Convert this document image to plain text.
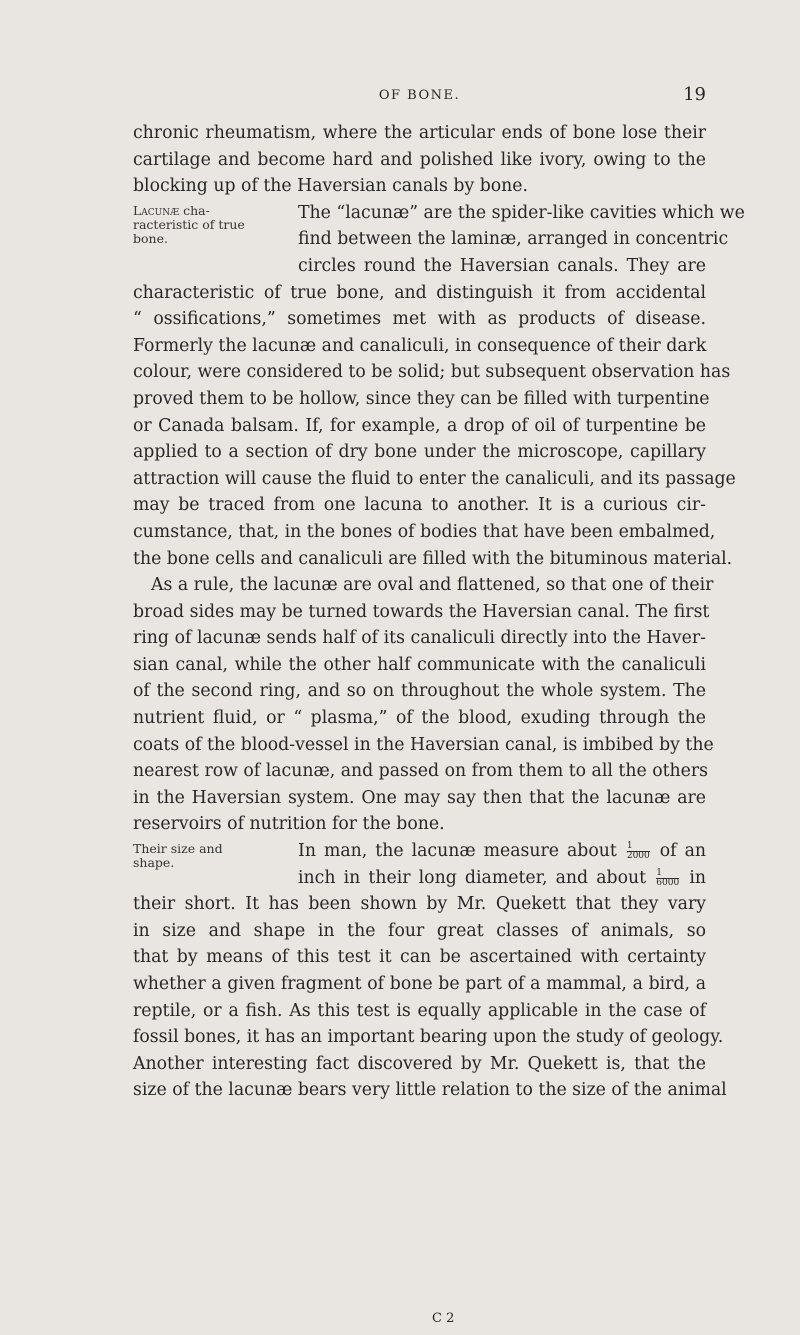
OF BONE.	19
chronic rheumatism, where the articular ends of bone lose their
cartilage and become hard and polished like ivory, owing to the
blocking up of the Haversian canals by bone.
Lacunæ cha-
racteristic of true
bone.
The “lacunæ” are the spider-like cavities which we
find between the laminæ, arranged in concentric
circles round the Haversian canals. They are
characteristic of true bone, and distinguish it from accidental
“ ossifications,” sometimes met with as products of disease.
Formerly the lacunæ and canaliculi, in consequence of their dark
colour, were considered to be solid; but subsequent observation has
proved them to be hollow, since they can be filled with turpentine
or Canada balsam. If, for example, a drop of oil of turpentine be
applied to a section of dry bone under the microscope, capillary
attraction will cause the fluid to enter the canaliculi, and its passage
may be traced from one lacuna to another. It is a curious cir-
cumstance, that, in the bones of bodies that have been embalmed,
the bone cells and canaliculi are filled with the bituminous material.
As a rule, the lacunæ are oval and flattened, so that one of their
broad sides may be turned towards the Haversian canal. The first
ring of lacunæ sends half of its canaliculi directly into the Haver-
sian canal, while the other half communicate with the canaliculi
of the second ring, and so on throughout the whole system. The
nutrient fluid, or “ plasma,” of the blood, exuding through the
coats of the blood-vessel in the Haversian canal, is imbibed by the
nearest row of lacunæ, and passed on from them to all the others
in the Haversian system. One may say then that the lacunæ are
reservoirs of nutrition for the bone.
Their size and
shape.
In man, the lacunæ measure about $\frac{1}{2000}$ of an
inch in their long diameter, and about $\frac{1}{6000}$ in
their short. It has been shown by Mr. Quekett that they vary
in size and shape in the four great classes of animals, so
that by means of this test it can be ascertained with certainty
whether a given fragment of bone be part of a mammal, a bird, a
reptile, or a fish. As this test is equally applicable in the case of
fossil bones, it has an important bearing upon the study of geology.
Another interesting fact discovered by Mr. Quekett is, that the
size of the lacunæ bears very little relation to the size of the animal
C 2
